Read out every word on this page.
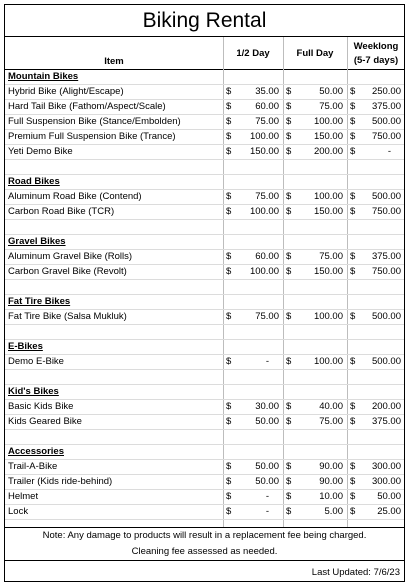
Biking Rental
Item
1/2 Day	Full Day
Weeklong
(5-7 days)
Mountain Bikes
Hybrid Bike (Alight/Escape)	$	35.00 $	50.00 $ 250.00
Hard Tail Bike (Fathom/Aspect/Scale)	$	60.00 $	75.00 $ 375.00
Full Suspension Bike (Stance/Embolden)	$	75.00 $ 100.00 $ 500.00
Premium Full Suspension Bike (Trance)	$ 100.00 $ 150.00 $ 750.00
Yeti Demo Bike	$ 150.00 $ 200.00 $	-
Road Bikes
Aluminum Road Bike (Contend)	$	75.00 $ 100.00 $ 500.00
Carbon Road Bike (TCR)	$ 100.00 $ 150.00 $ 750.00
Gravel Bikes
Aluminum Gravel Bike (Rolls)	$	60.00 $	75.00 $ 375.00
Carbon Gravel Bike (Revolt)	$ 100.00 $ 150.00 $ 750.00
Fat Tire Bikes
Fat Tire Bike (Salsa Mukluk)	$	75.00 $ 100.00 $ 500.00
E-Bikes
Demo E-Bike	$	- $ 100.00 $ 500.00
Kid's Bikes
Basic Kids Bike	$	30.00 $	40.00 $ 200.00
Kids Geared Bike	$	50.00 $	75.00 $ 375.00
Accessories
Trail-A-Bike	$	50.00 $	90.00 $ 300.00
Trailer (Kids ride-behind)	$	50.00 $	90.00 $ 300.00
Helmet	$	- $	10.00 $ 50.00
Lock	$	- $	5.00 $ 25.00
Note: Any damage to products will result in a replacement fee being charged.
Cleaning fee assessed as needed.
Last Updated: 7/6/23
